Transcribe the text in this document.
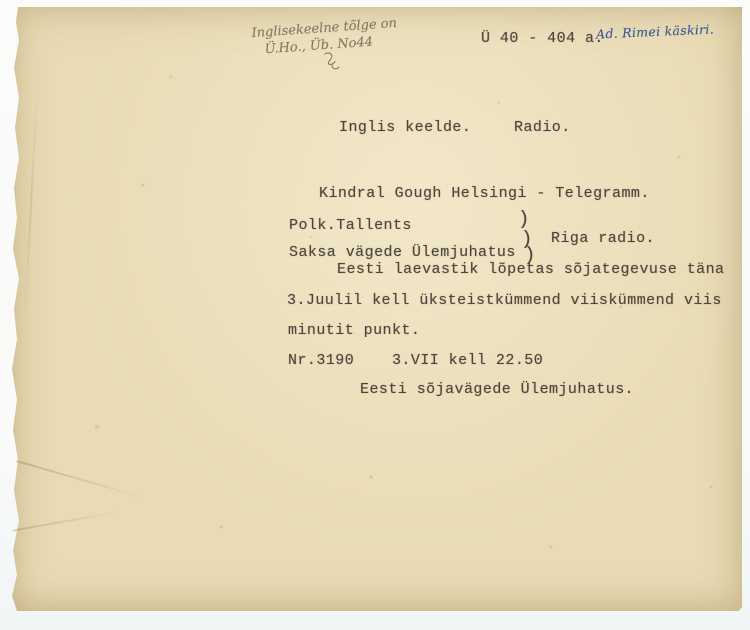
Inglisekeelne tõlge on
Ü.Ho., Üb. No44	Ü 40 - 404 a.
Ad. Rimei käskiri.
Inglis keelde.	Radio.
Kindral Gough Helsingi - Telegramm.
Polk.Tallents
Saksa vägede Ülemjuhatus
)
)
)
Riga radio.
Eesti laevastik lõpetas sõjategevuse täna
3.Juulil kell üksteistkümmend viiskümmend viis
minutit punkt.
Nr.3190    3.VII kell 22.50
Eesti sõjavägede Ülemjuhatus.
